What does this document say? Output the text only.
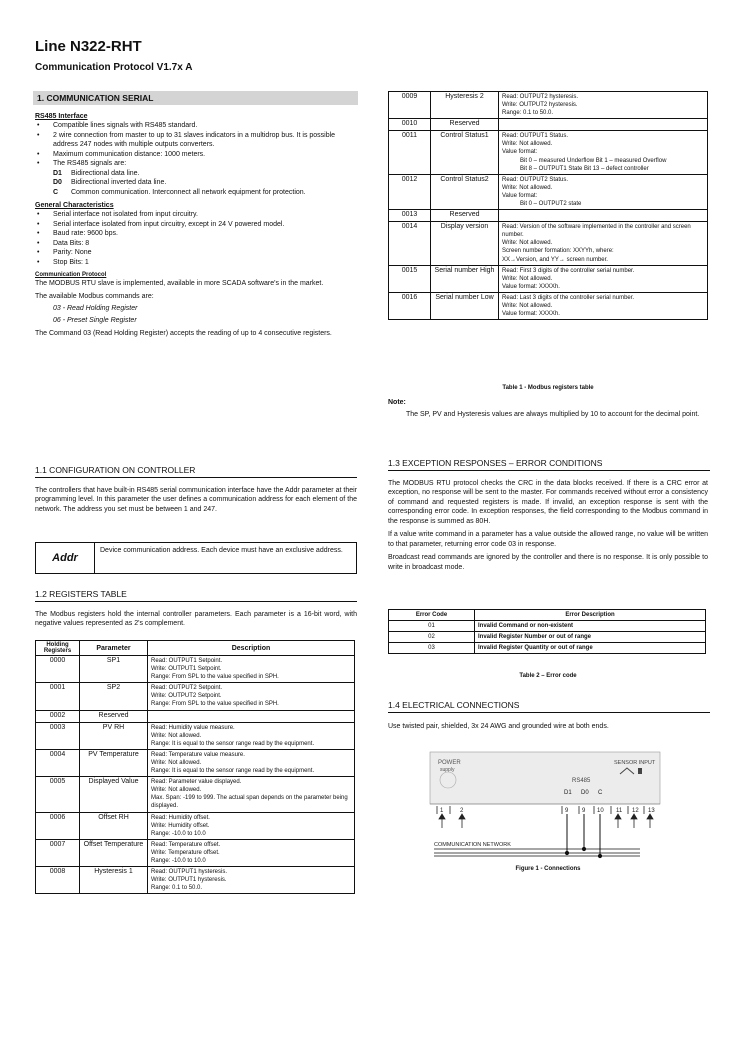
Line N322-RHT
Communication Protocol V1.7x A
1. COMMUNICATION SERIAL
RS485 Interface
• Compatible lines signals with RS485 standard.
• 2 wire connection from master to up to 31 slaves indicators in a multidrop bus. It is possible address 247 nodes with multiple outputs converters.
• Maximum communication distance: 1000 meters.
• The RS485 signals are:
D1 Bidirectional data line.
D0 Bidirectional inverted data line.
C Common communication. Interconnect all network equipment for protection.
General Characteristics
• Serial interface not isolated from input circuitry.
• Serial interface isolated from input circuitry, except in 24 V powered model.
• Baud rate: 9600 bps.
• Data Bits: 8
• Parity: None
• Stop Bits: 1
Communication Protocol

The MODBUS RTU slave is implemented, available in more SCADA software's in the market.

The available Modbus commands are:

03 - Read Holding Register

06 - Preset Single Register

The Command 03 (Read Holding Register) accepts the reading of up to 4 consecutive registers.

1.1 CONFIGURATION ON CONTROLLER

The controllers that have built-in RS485 serial communication interface have the Addr parameter at their programming level. In this parameter the user defines a communication address for each element of the network. The address you set must be between 1 and 247.

Addr
Device communication address. Each device must have an exclusive address.
1.2 REGISTERS TABLE

The Modbus registers hold the internal controller parameters. Each parameter is a 16-bit word, with negative values represented as 2's complement.

Holding Registers	Parameter	Description
0000	SP1	Read: OUTPUT1 Setpoint.
Write: OUTPUT1 Setpoint.
Range: From SPL to the value specified in SPH.

0001	SP2	Read: OUTPUT2 Setpoint.
Write: OUTPUT2 Setpoint.
Range: From SPL to the value specified in SPH.

0002	Reserved	
0003	PV RH	Read: Humidity value measure.
Write: Not allowed.
Range: It is equal to the sensor range read by the equipment.

0004	PV Temperature	Read: Temperature value measure.
Write: Not allowed.
Range: It is equal to the sensor range read by the equipment.

0005	Displayed Value	Read: Parameter value displayed.
Write: Not allowed.
Max. Span: -199 to 999. The actual span depends on the parameter being displayed.

0006	Offset RH	Read: Humidity offset.
Write: Humidity offset.
Range: -10.0 to 10.0

0007	Offset Temperature	Read: Temperature offset.
Write: Temperature offset.
Range: -10.0 to 10.0

0008	Hysteresis 1	Read: OUTPUT1 hysteresis.
Write: OUTPUT1 hysteresis.
Range: 0.1 to 50.0.
0009	Hysteresis 2	Read: OUTPUT2 hysteresis.
Write: OUTPUT2 hysteresis.
Range: 0.1 to 50.0.

0010	Reserved	
0011	Control Status1	Read: OUTPUT1 Status.
Write: Not allowed.
Value format:
Bit 0 – measured Underflow Bit 1 – measured Overflow
Bit 8 – OUTPUT1 State Bit 13 – defect controller

0012	Control Status2	Read: OUTPUT2 Status.
Write: Not allowed.
Value format:
Bit 0 – OUTPUT2 state

0013	Reserved	
0014	Display version	Read: Version of the software implemented in the controller and screen number.
Write: Not allowed.
Screen number formation: XXYYh, where:
XX→Version, and YY→ screen number.

0015	Serial number High	Read: First 3 digits of the controller serial number.
Write: Not allowed.
Value format: XXXXh.

0016	Serial number Low	Read: Last 3 digits of the controller serial number.
Write: Not allowed.
Value format: XXXXh.
Table 1 - Modbus registers table
Note:

The SP, PV and Hysteresis values are always multiplied by 10 to account for the decimal point.

1.3 EXCEPTION RESPONSES – ERROR CONDITIONS

The MODBUS RTU protocol checks the CRC in the data blocks received. If there is a CRC error at exception, no response will be sent to the master. For commands received without error a consistency of command and requested registers is made. If invalid, an exception response is sent with the corresponding error code. In exception responses, the field corresponding to the Modbus command in the response is summed as 80H.

If a value write command in a parameter has a value outside the allowed range, no value will be written to that parameter, returning error code 03 in response.

Broadcast read commands are ignored by the controller and there is no response. It is only possible to write in broadcast mode.

Error Code	Error Description
01	Invalid Command or non-existent
02	Invalid Register Number or out of range
03	Invalid Register Quantity or out of range
Table 2 – Error code
1.4 ELECTRICAL CONNECTIONS

Use twisted pair, shielded, 3x 24 AWG and grounded wire at both ends.

POWER
supply
RS485
SENSOR INPUT
D1 D0 C
1	2	9 9 10 11 12 13
COMMUNICATION NETWORK
Figure 1 - Connections
